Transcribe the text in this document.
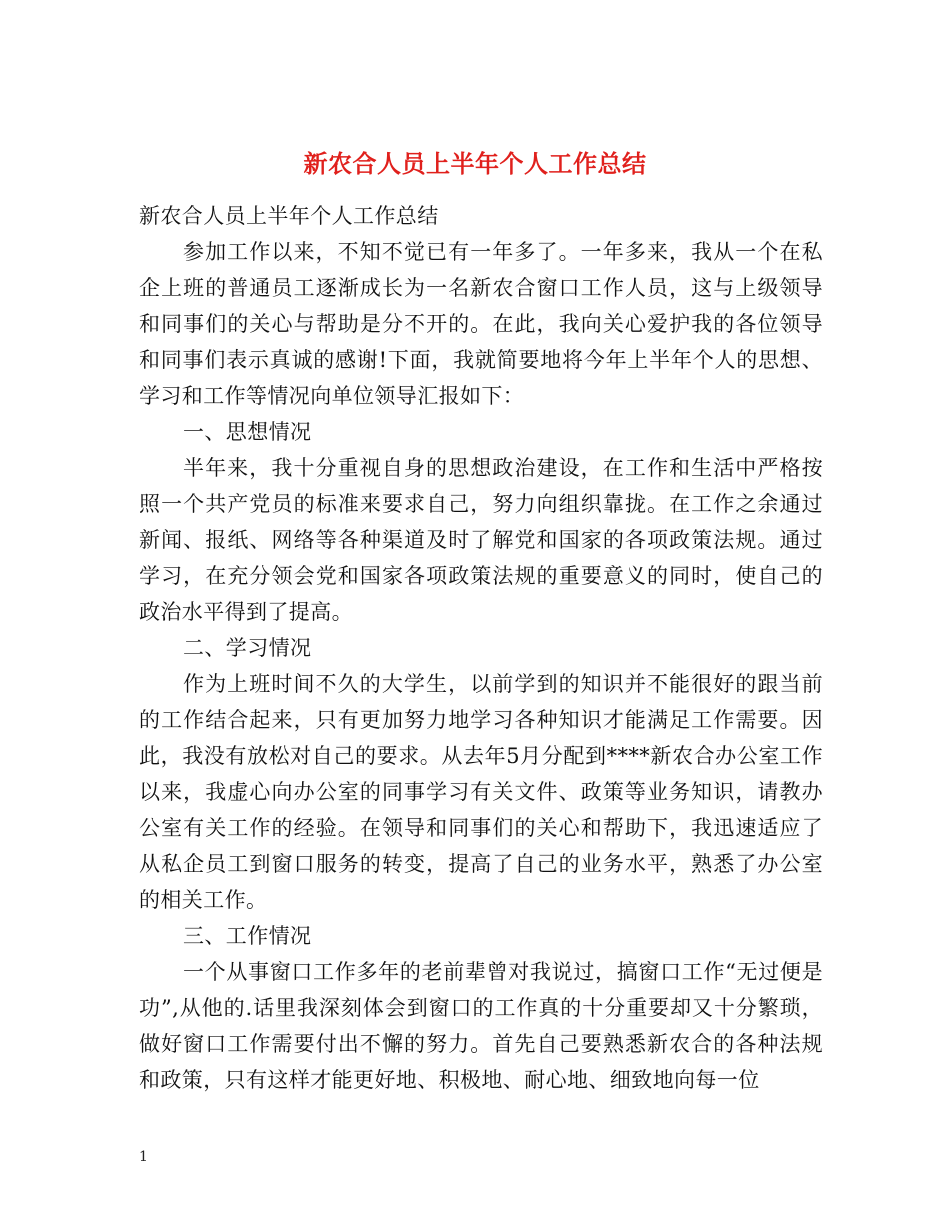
新农合人员上半年个人工作总结

新农合人员上半年个人工作总结

参加工作以来，不知不觉已有一年多了。一年多来，我从一个在私企上班的普通员工逐渐成长为一名新农合窗口工作人员，这与上级领导和同事们的关心与帮助是分不开的。在此，我向关心爱护我的各位领导和同事们表示真诚的感谢!下面，我就简要地将今年上半年个人的思想、学习和工作等情况向单位领导汇报如下：

一、思想情况

半年来，我十分重视自身的思想政治建设，在工作和生活中严格按照一个共产党员的标准来要求自己，努力向组织靠拢。在工作之余通过新闻、报纸、网络等各种渠道及时了解党和国家的各项政策法规。通过学习，在充分领会党和国家各项政策法规的重要意义的同时，使自己的政治水平得到了提高。

二、学习情况

作为上班时间不久的大学生，以前学到的知识并不能很好的跟当前的工作结合起来，只有更加努力地学习各种知识才能满足工作需要。因此，我没有放松对自己的要求。从去年5月分配到****新农合办公室工作以来，我虚心向办公室的同事学习有关文件、政策等业务知识，请教办公室有关工作的经验。在领导和同事们的关心和帮助下，我迅速适应了从私企员工到窗口服务的转变，提高了自己的业务水平，熟悉了办公室的相关工作。

三、工作情况

一个从事窗口工作多年的老前辈曾对我说过，搞窗口工作“无过便是功”,从他的.话里我深刻体会到窗口的工作真的十分重要却又十分繁琐，做好窗口工作需要付出不懈的努力。首先自己要熟悉新农合的各种法规和政策，只有这样才能更好地、积极地、耐心地、细致地向每一位

1
